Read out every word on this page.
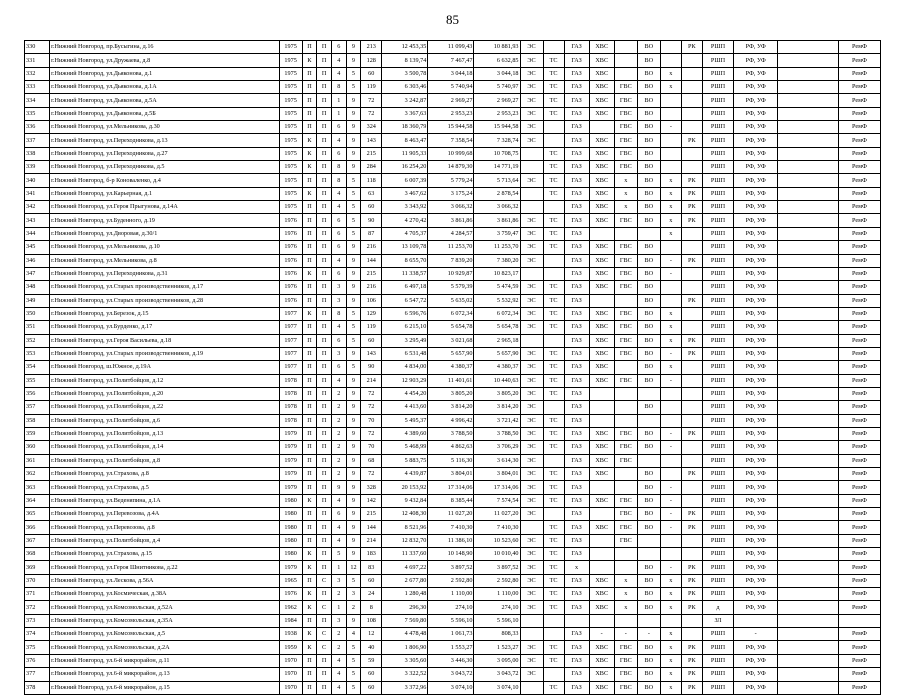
85
330	г.Нижний Новгород, пр.Бусыгина, д.16	1975	П	П	6	9	213	12 453,35	11 099,43	10 881,93	ЭС		ГАЗ	ХВС		ВО		РК	РШП	РФ, УФ		РемФ
331	г.Нижний Новгород, ул.Дружаева, д.8	1975	К	П	4	9	128	8 139,74	7 467,47	6 632,85	ЭС	ТС	ГАЗ	ХВС		ВО			РШП	РФ, УФ		РемФ
332	г.Нижний Новгород, ул.Дьяконова, д.1	1975	П	П	4	5	60	3 500,78	3 044,18	3 044,18	ЭС	ТС	ГАЗ	ХВС		ВО	х		РШП	РФ, УФ		РемФ
333	г.Нижний Новгород, ул.Дьяконова, д.1А	1975	П	П	8	5	119	6 303,46	5 740,94	5 740,97	ЭС	ТС	ГАЗ	ХВС	ГВС	ВО	х		РШП	РФ, УФ		РемФ
334	г.Нижний Новгород, ул.Дьяконова, д.5А	1975	П	П	1	9	72	3 242,87	2 969,27	2 969,27	ЭС	ТС	ГАЗ	ХВС	ГВС	ВО			РШП	РФ, УФ		РемФ
335	г.Нижний Новгород, ул.Дьяконова, д.5Б	1975	П	П	1	9	72	3 367,63	2 953,23	2 953,23	ЭС	ТС	ГАЗ	ХВС	ГВС	ВО			РШП	РФ, УФ		РемФ
336	г.Нижний Новгород, ул.Мельникова, д.30	1975	П	П	6	9	324	18 360,79	15 944,58	15 944,58	ЭС		ГАЗ		ГВС	ВО	-		РШП	РФ, УФ		РемФ
337	г.Нижний Новгород, ул.Переходникова, д.13	1975	К	П	4	9	143	8 463,47	7 358,54	7 328,74	ЭС		ГАЗ	ХВС	ГВС	ВО		РК	РШП	РФ, УФ		РемФ
338	г.Нижний Новгород, ул.Переходникова, д.27	1975	К	П	6	9	215	11 905,33	10 999,68	10 708,75		ТС	ГАЗ	ХВС	ГВС	ВО			РШП	РФ, УФ		РемФ
339	г.Нижний Новгород, ул.Переходникова, д.5	1975	К	П	8	9	284	16 254,20	14 879,30	14 771,19		ТС	ГАЗ	ХВС	ГВС	ВО			РШП	РФ, УФ		РемФ
340	г.Нижний Новгород, б-р Коноваленко, д.4	1975	П	П	8	5	118	6 007,39	5 779,24	5 713,64	ЭС	ТС	ГАЗ	ХВС	х	ВО	х	РК	РШП	РФ, УФ		РемФ
341	г.Нижний Новгород, ул.Карьерная, д.1	1975	К	П	4	5	63	3 467,62	3 175,24	2 878,54		ТС	ГАЗ	ХВС	х	ВО	х	РК	РШП	РФ, УФ		РемФ
342	г.Нижний Новгород, ул.Героя Прыгунова, д.14А	1975	П	П	4	5	60	3 343,92	3 066,32	3 066,32			ГАЗ	ХВС	х	ВО	х	РК	РШП	РФ, УФ		РемФ
343	г.Нижний Новгород, ул.Буденного, д.19	1976	П	П	6	5	90	4 270,42	3 861,86	3 861,86	ЭС	ТС	ГАЗ	ХВС	ГВС	ВО	х	РК	РШП	РФ, УФ		РемФ
344	г.Нижний Новгород, ул.Дворовая, д.30/1	1976	П	П	6	5	87	4 705,37	4 284,57	3 759,47	ЭС	ТС	ГАЗ				х		РШП	РФ, УФ		РемФ
345	г.Нижний Новгород, ул.Мельникова, д.10	1976	П	П	6	9	216	13 109,78	11 253,70	11 253,70	ЭС	ТС	ГАЗ	ХВС	ГВС	ВО			РШП	РФ, УФ		РемФ
346	г.Нижний Новгород, ул.Мельникова, д.8	1976	П	П	4	9	144	8 655,70	7 839,20	7 380,20	ЭС		ГАЗ	ХВС	ГВС	ВО	-	РК	РШП	РФ, УФ		РемФ
347	г.Нижний Новгород, ул.Переходникова, д.31	1976	К	П	6	9	215	11 338,57	10 929,87	10 823,17			ГАЗ	ХВС	ГВС	ВО	-		РШП	РФ, УФ		РемФ
348	г.Нижний Новгород, ул.Старых производственников, д.17	1976	П	П	3	9	216	6 497,18	5 579,39	5 474,59	ЭС	ТС	ГАЗ	ХВС	ГВС	ВО			РШП	РФ, УФ		РемФ
349	г.Нижний Новгород, ул.Старых производственников, д.28	1976	П	П	3	9	106	6 547,72	5 635,02	5 532,92	ЭС	ТС	ГАЗ			ВО		РК	РШП	РФ, УФ		РемФ
350	г.Нижний Новгород, ул.Березок, д.15	1977	К	П	8	5	129	6 596,76	6 072,34	6 072,34	ЭС	ТС	ГАЗ	ХВС	ГВС	ВО	х		РШП	РФ, УФ		РемФ
351	г.Нижний Новгород, ул.Бурденко, д.17	1977	П	П	4	5	119	6 215,10	5 654,78	5 654,78	ЭС	ТС	ГАЗ	ХВС	ГВС	ВО	х		РШП	РФ, УФ		РемФ
352	г.Нижний Новгород, ул.Героя Васильева, д.18	1977	П	П	6	5	60	3 295,49	3 021,68	2 965,18			ГАЗ	ХВС	ГВС	ВО	х	РК	РШП	РФ, УФ		РемФ
353	г.Нижний Новгород, ул.Старых производственников, д.19	1977	П	П	3	9	143	6 531,48	5 657,90	5 657,90	ЭС	ТС	ГАЗ	ХВС	ГВС	ВО	-	РК	РШП	РФ, УФ		РемФ
354	г.Нижний Новгород, ш.Южное, д.19А	1977	П	П	6	5	90	4 834,00	4 380,37	4 380,37	ЭС	ТС	ГАЗ	ХВС		ВО	х		РШП	РФ, УФ		РемФ
355	г.Нижний Новгород, ул.Политбойцов, д.12	1978	П	П	4	9	214	12 903,29	11 401,61	10 440,63	ЭС	ТС	ГАЗ	ХВС	ГВС	ВО	-		РШП	РФ, УФ		РемФ
356	г.Нижний Новгород, ул.Политбойцов, д.20	1978	П	П	2	9	72	4 454,20	3 805,20	3 805,20	ЭС	ТС	ГАЗ						РШП	РФ, УФ		РемФ
357	г.Нижний Новгород, ул.Политбойцов, д.22	1978	П	П	2	9	72	4 413,60	3 814,20	3 814,20	ЭС		ГАЗ			ВО			РШП	РФ, УФ		РемФ
358	г.Нижний Новгород, ул.Политбойцов, д.6	1978	П	П	2	9	70	5 495,37	4 996,42	3 721,42	ЭС	ТС	ГАЗ						РШП	РФ, УФ		РемФ
359	г.Нижний Новгород, ул.Политбойцов, д.13	1979	П	П	2	9	72	4 389,60	3 788,50	3 788,50	ЭС	ТС	ГАЗ	ХВС	ГВС	ВО	-	РК	РШП	РФ, УФ		РемФ
360	г.Нижний Новгород, ул.Политбойцов, д.14	1979	П	П	2	9	70	5 468,99	4 862,63	3 706,29	ЭС	ТС	ГАЗ	ХВС	ГВС	ВО	-		РШП	РФ, УФ		РемФ
361	г.Нижний Новгород, ул.Политбойцов, д.8	1979	П	П	2	9	68	5 883,75	5 116,30	3 614,30	ЭС		ГАЗ	ХВС	ГВС				РШП	РФ, УФ		РемФ
362	г.Нижний Новгород, ул.Страхова, д.8	1979	П	П	2	9	72	4 439,87	3 804,01	3 804,01	ЭС	ТС	ГАЗ	ХВС		ВО		РК	РШП	РФ, УФ		РемФ
363	г.Нижний Новгород, ул.Страхова, д.5	1979	П	П	9	9	328	20 153,92	17 314,06	17 314,06	ЭС	ТС	ГАЗ			ВО	-		РШП	РФ, УФ		РемФ
364	г.Нижний Новгород, ул.Веденяпина, д.1А	1980	К	П	4	9	142	9 432,84	8 385,44	7 574,54	ЭС	ТС	ГАЗ	ХВС	ГВС	ВО	-		РШП	РФ, УФ		РемФ
365	г.Нижний Новгород, ул.Перевозова, д.4А	1980	П	П	6	9	215	12 408,30	11 027,20	11 027,20	ЭС		ГАЗ		ГВС	ВО	-	РК	РШП	РФ, УФ		РемФ
366	г.Нижний Новгород, ул.Перевозова, д.8	1980	П	П	4	9	144	8 521,96	7 410,30	7 410,30		ТС	ГАЗ	ХВС	ГВС	ВО	-	РК	РШП	РФ, УФ		РемФ
367	г.Нижний Новгород, ул.Политбойцов, д.4	1980	П	П	4	9	214	12 832,70	11 386,10	10 523,60	ЭС	ТС	ГАЗ		ГВС				РШП	РФ, УФ		РемФ
368	г.Нижний Новгород, ул.Страхова, д.15	1980	К	П	5	9	183	11 337,60	10 148,90	10 010,40	ЭС	ТС	ГАЗ						РШП	РФ, УФ		РемФ
369	г.Нижний Новгород, ул.Героя Шнитникова, д.22	1979	К	П	1	12	83	4 697,22	3 897,52	3 897,52	ЭС	ТС	х			ВО	-	РК	РШП	РФ, УФ		РемФ
370	г.Нижний Новгород, ул.Лескова, д.56А	1965	П	С	3	5	60	2 677,80	2 592,80	2 592,80	ЭС	ТС	ГАЗ	ХВС	х	ВО	х	РК	РШП	РФ, УФ		РемФ
371	г.Нижний Новгород, ул.Космическая, д.38А	1976	К	П	2	3	24	1 280,48	1 110,00	1 110,00	ЭС	ТС	ГАЗ	ХВС	х	ВО	х	РК	РШП	РФ, УФ		РемФ
372	г.Нижний Новгород, ул.Комсомольская, д.52А	1962	К	С	1	2	8	296,30	274,10	274,10	ЭС	ТС	ГАЗ	ХВС	х	ВО	х	РК	д	РФ, УФ		РемФ
373	г.Нижний Новгород, ул.Комсомольская, д.35А	1984	П	П	3	9	108	7 569,80	5 596,10	5 596,10									ЗЛ			
374	г.Нижний Новгород, ул.Комсомольская, д.5	1938	К	С	2	4	12	4 478,48	1 061,73	808,33			ГАЗ	-	-	-	х		РШП	-		РемФ
375	г.Нижний Новгород, ул.Комсомольская, д.2А	1959	К	С	2	5	40	1 806,90	1 553,27	1 523,27	ЭС	ТС	ГАЗ	ХВС	ГВС	ВО	х	РК	РШП	РФ, УФ		РемФ
376	г.Нижний Новгород, ул.6-й микрорайон, д.11	1970	П	П	4	5	59	3 305,60	3 446,30	3 095,00	ЭС	ТС	ГАЗ	ХВС	ГВС	ВО	х	РК	РШП	РФ, УФ		РемФ
377	г.Нижний Новгород, ул.6-й микрорайон, д.13	1970	П	П	4	5	60	3 322,52	3 043,72	3 043,72	ЭС		ГАЗ	ХВС	ГВС	ВО	х	РК	РШП	РФ, УФ		РемФ
378	г.Нижний Новгород, ул.6-й микрорайон, д.15	1970	П	П	4	5	60	3 372,96	3 074,10	3 074,10		ТС	ГАЗ	ХВС	ГВС	ВО	х	РК	РШП	РФ, УФ		РемФ
